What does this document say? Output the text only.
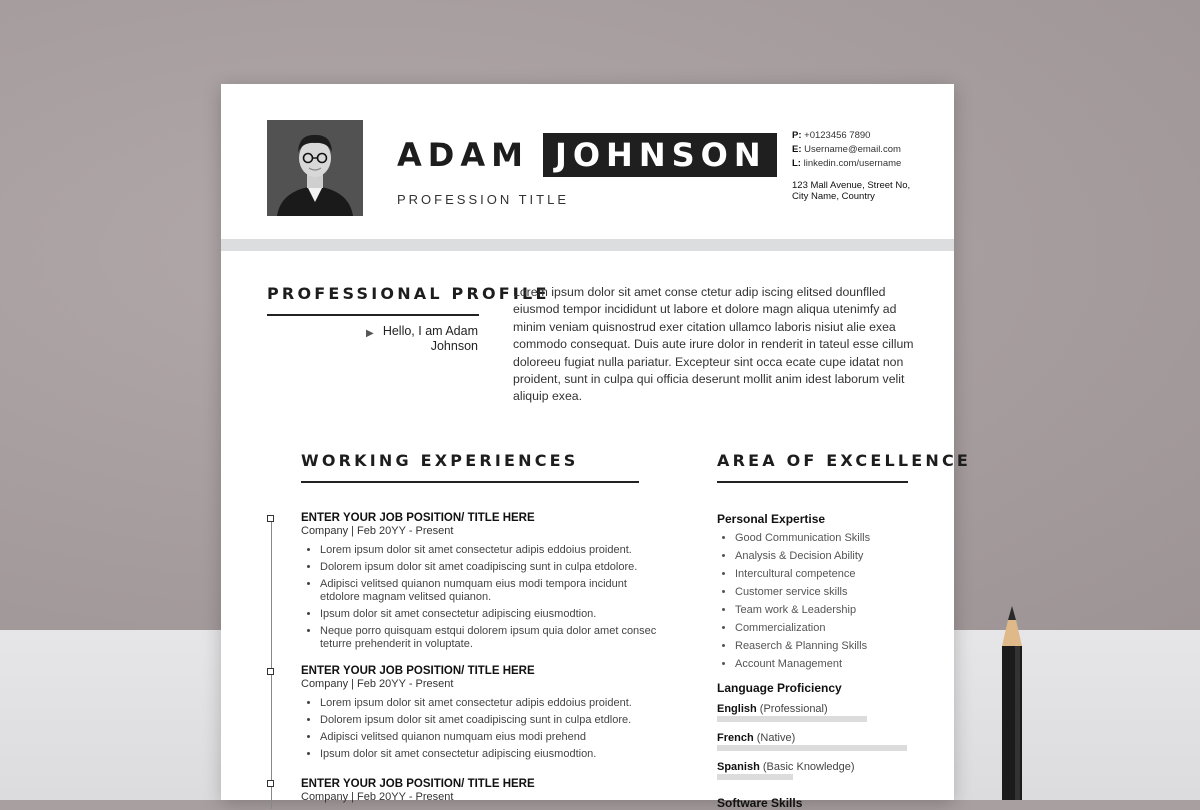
ADAM JOHNSON
PROFESSION TITLE
P: +0123456 7890
E: Username@email.com
L: linkedin.com/username
123 Mall Avenue, Street No,
City Name, Country
PROFESSIONAL PROFILE
▶ Hello, I am Adam Johnson
Lorem ipsum dolor sit amet conse ctetur adip iscing elitsed dounflled eiusmod tempor incididunt ut labore et dolore magn aliqua utenimfy ad minim veniam quisnostrud exer citation ullamco laboris nisiut alie exea commodo consequat. Duis aute irure dolor in renderit in tateul esse cillum doloreeu fugiat nulla pariatur. Excepteur sint occa ecate cupe idatat non proident, sunt in culpa qui officia deserunt mollit anim idest laborum velit aliquip exea.
WORKING EXPERIENCES
ENTER YOUR JOB POSITION/ TITLE HERE
Company | Feb 20YY - Present
• Lorem ipsum dolor sit amet consectetur adipis eddoius proident.
• Dolorem ipsum dolor sit amet coadipiscing sunt in culpa etdolore.
• Adipisci velitsed quianon numquam eius modi tempora incidunt etdolore magnam velitsed quianon.
• Ipsum dolor sit amet consectetur adipiscing eiusmodtion.
• Neque porro quisquam estqui dolorem ipsum quia dolor amet consec teturre prehenderit in voluptate.
ENTER YOUR JOB POSITION/ TITLE HERE
Company | Feb 20YY - Present
• Lorem ipsum dolor sit amet consectetur adipis eddoius proident.
• Dolorem ipsum dolor sit amet coadipiscing sunt in culpa etdlore.
• Adipisci velitsed quianon numquam eius modi prehend
• Ipsum dolor sit amet consectetur adipiscing eiusmodtion.
ENTER YOUR JOB POSITION/ TITLE HERE
Company | Feb 20YY - Present
AREA OF EXCELLENCE
Personal Expertise
• Good Communication Skills
• Analysis & Decision Ability
• Intercultural competence
• Customer service skills
• Team work & Leadership
• Commercialization
• Reaserch & Planning Skills
• Account Management
Language Proficiency
English (Professional)
French (Native)
Spanish (Basic Knowledge)
Software Skills
